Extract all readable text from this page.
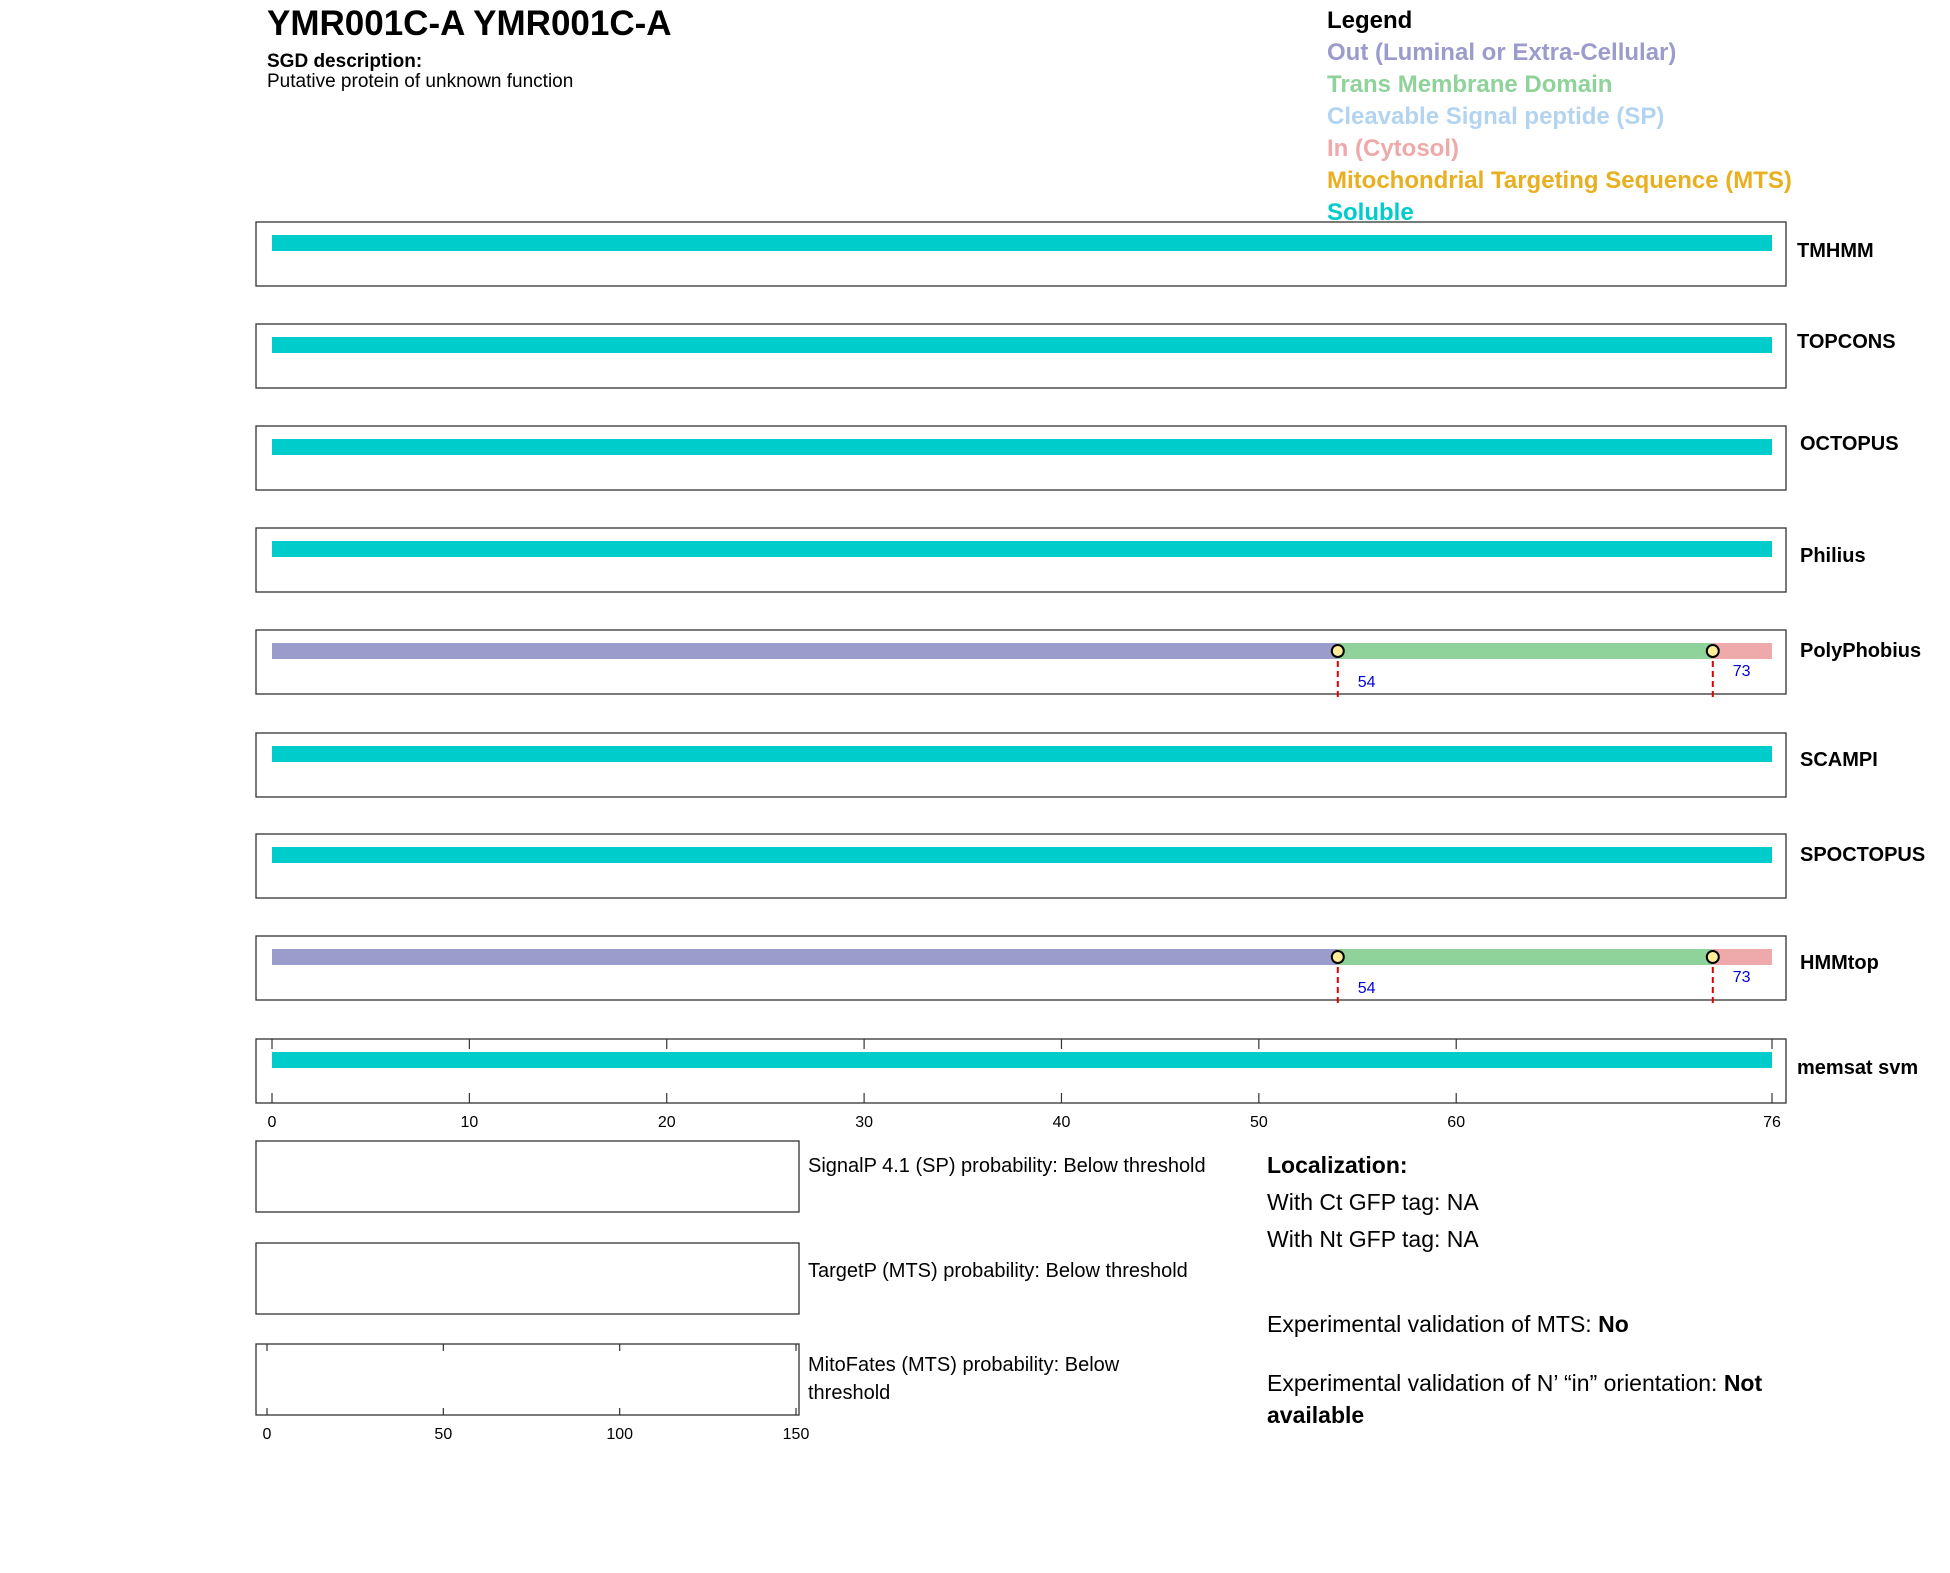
TMHMM
TOPCONS
OCTOPUS
Philius
PolyPhobius
54
73
SCAMPI
SPOCTOPUS
HMMtop
54
73
memsat svm
0	10	20	30	40	50	60	76
0	50	100	150
YMR001C-A YMR001C-A
SGD description:
Putative protein of unknown function
Legend
Out (Luminal or Extra-Cellular)
Trans Membrane Domain
Cleavable Signal peptide (SP)
In (Cytosol)
Mitochondrial Targeting Sequence (MTS)
Soluble
SignalP 4.1 (SP) probability: Below threshold
TargetP (MTS) probability: Below threshold
MitoFates (MTS) probability: Below threshold
Localization:
With Ct GFP tag: NA
With Nt GFP tag: NA
Experimental validation of MTS: No
Experimental validation of N’ “in” orientation: Not available
